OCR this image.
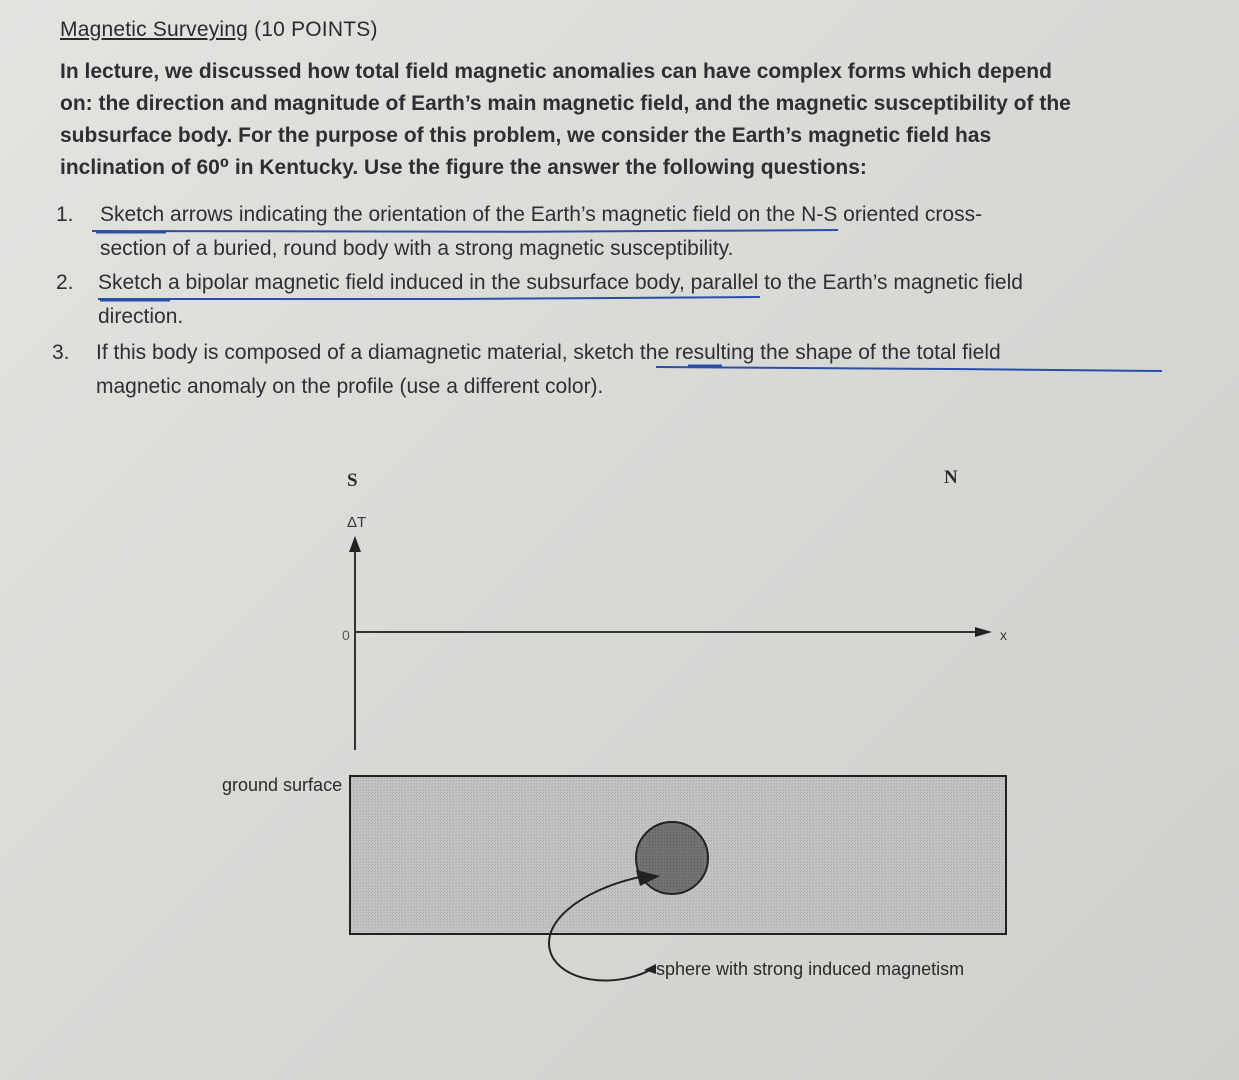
Magnetic Surveying (10 POINTS)
In lecture, we discussed how total field magnetic anomalies can have complex forms which depend
on: the direction and magnitude of Earth’s main magnetic field, and the magnetic susceptibility of the
subsurface body. For the purpose of this problem, we consider the Earth’s magnetic field has
inclination of 60⁰ in Kentucky. Use the figure the answer the following questions:
1.	Sketch arrows indicating the orientation of the Earth’s magnetic field on the N-S oriented cross-
section of a buried, round body with a strong magnetic susceptibility.
2.	Sketch a bipolar magnetic field induced in the subsurface body, parallel to the Earth’s magnetic field
direction.
3.	If this body is composed of a diamagnetic material, sketch the resulting the shape of the total field
magnetic anomaly on the profile (use a different color).
S	N
ΔT
0	x
ground surface
sphere with strong induced magnetism
